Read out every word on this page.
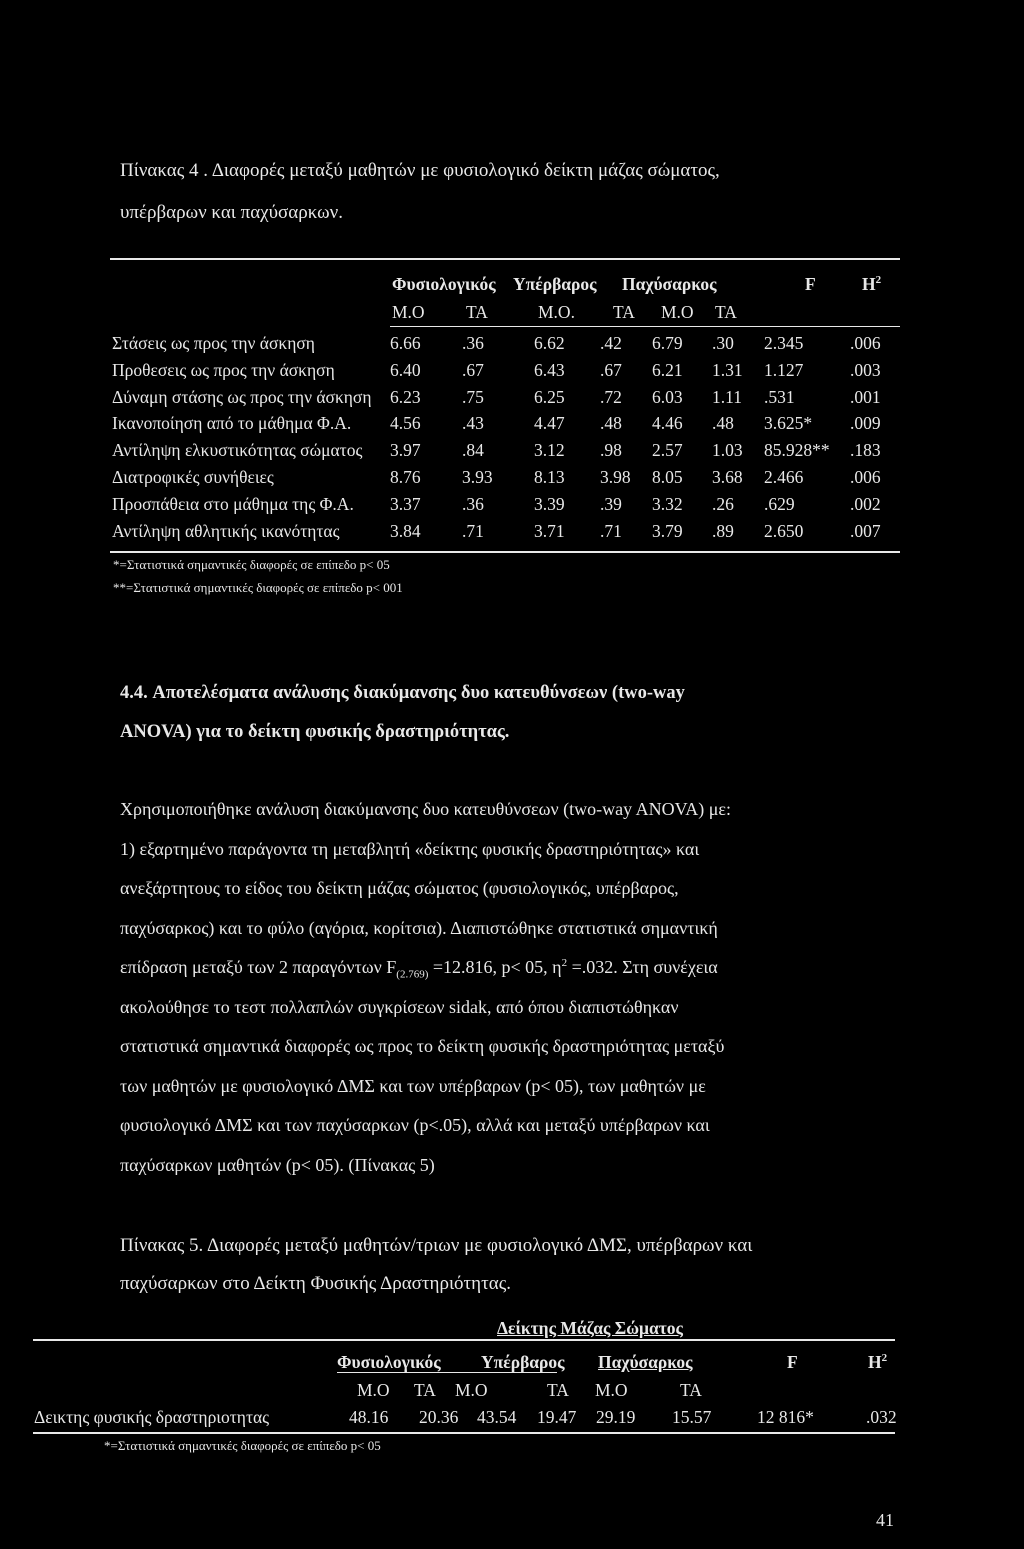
Πίνακας 4 . Διαφορές μεταξύ μαθητών με φυσιολογικό δείκτη μάζας σώματος,
υπέρβαρων και παχύσαρκων.
Φυσιολογικός Υπέρβαρος Παχύσαρκος	F	$H^2$
Μ.Ο ΤΑ	Μ.Ο. ΤΑ Μ.Ο ΤΑ
Στάσεις ως προς την άσκηση	6.66 .36	6.62 .42 6.79 .30 2.345	.006
Προθεσεις ως προς την άσκηση	6.40 .67	6.43 .67 6.21 1.31 1.127	.003
Δύναμη στάσης ως προς την άσκηση 6.23 .75	6.25 .72 6.03 1.11 .531	.001
Ικανοποίηση από το μάθημα Φ.Α. 4.56 .43	4.47 .48 4.46 .48 3.625* .009
Αντίληψη ελκυστικότητας σώματος 3.97 .84	3.12 .98 2.57 1.03 85.928** .183
Διατροφικές συνήθειες	8.76 3.93 8.13 3.98 8.05 3.68 2.466	.006
Προσπάθεια στο μάθημα της Φ.Α. 3.37 .36	3.39 .39 3.32 .26 .629	.002
Αντίληψη αθλητικής ικανότητας	3.84 .71	3.71 .71 3.79 .89 2.650	.007
*=Στατιστικά σημαντικές διαφορές σε επίπεδο p< 05
**=Στατιστικά σημαντικές διαφορές σε επίπεδο p< 001
4.4. Αποτελέσματα ανάλυσης διακύμανσης δυο κατευθύνσεων (two-way
ANOVA) για το δείκτη φυσικής δραστηριότητας.
Χρησιμοποιήθηκε ανάλυση διακύμανσης δυο κατευθύνσεων (two-way ANOVA) με:
1) εξαρτημένο παράγοντα τη μεταβλητή «δείκτης φυσικής δραστηριότητας» και
ανεξάρτητους το είδος του δείκτη μάζας σώματος (φυσιολογικός, υπέρβαρος,
παχύσαρκος) και το φύλο (αγόρια, κορίτσια). Διαπιστώθηκε στατιστικά σημαντική
επίδραση μεταξύ των 2 παραγόντων $F_{(2.769)} =12.816$, p< 05, $\eta^2 =.032$. Στη συνέχεια
ακολούθησε το τεστ πολλαπλών συγκρίσεων sidak, από όπου διαπιστώθηκαν
στατιστικά σημαντικά διαφορές ως προς το δείκτη φυσικής δραστηριότητας μεταξύ
των μαθητών με φυσιολογικό ΔΜΣ και των υπέρβαρων (p< 05), των μαθητών με
φυσιολογικό ΔΜΣ και των παχύσαρκων (p<.05), αλλά και μεταξύ υπέρβαρων και
παχύσαρκων μαθητών (p< 05). (Πίνακας 5)
Πίνακας 5. Διαφορές μεταξύ μαθητών/τριων με φυσιολογικό ΔΜΣ, υπέρβαρων και
παχύσαρκων στο Δείκτη Φυσικής Δραστηριότητας.
Δείκτης Μάζας Σώματος
Φυσιολογικός Υπέρβαρος Παχύσαρκος	F	$H^2$
Μ.Ο ΤΑ Μ.Ο	ΤΑ Μ.Ο	ΤΑ
Δεικτης φυσικής δραστηριοτητας	48.16 20.36 43.54 19.47 29.19 15.57	12 816*	.032
*=Στατιστικά σημαντικές διαφορές σε επίπεδο p< 05
41
